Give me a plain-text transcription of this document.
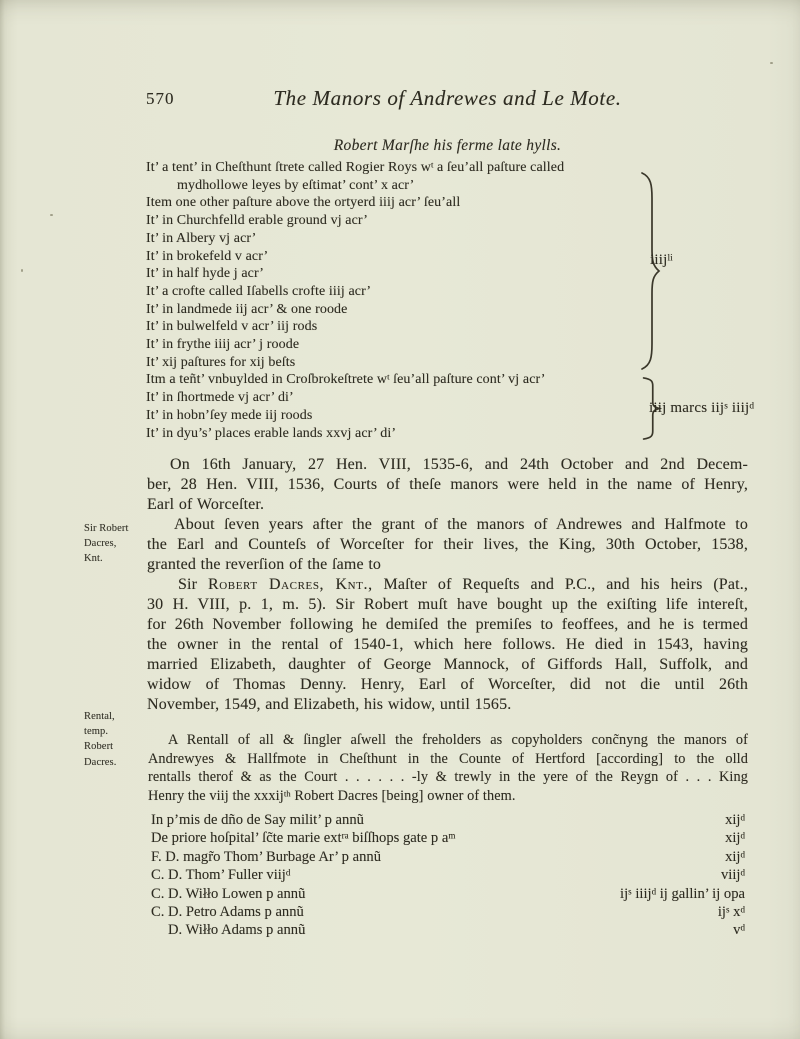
570	The Manors of Andrewes and Le Mote.
Robert Marſhe his ferme late hylls.
It’ a tent’ in Cheſthunt ſtrete called Rogier Roys $w^t$ a ſeu’all paſture called
mydhollowe leyes by eſtimat’ cont’ x acr’
Item one other paſture above the ortyerd iiij acr’ ſeu’all
It’ in Churchfelld erable ground vj acr’
It’ in Albery vj acr’
It’ in brokefeld v acr’
It’ in half hyde j acr’
It’ a crofte called Iſabells crofte iiij acr’
It’ in landmede iij acr’ & one roode
It’ in bulwelfeld v acr’ iij rods
It’ in frythe iiij acr’ j roode
It’ xij paſtures for xij beſts
Itm a teñt’ vnbuylded in Croſbrokeſtrete $w^t$ ſeu’all paſture cont’ vj acr’
It’ in ſhortmede vj acr’ di’
It’ in hobn’ſey mede iij roods
It’ in dyu’s’ places erable lands xxvj acr’ di’
iiij$^{li}$
iiij marcs iij$^s$ iiij$^d$
Sir Robert
Dacres,
Knt.
Rental,
temp.
Robert
Dacres.
On 16th January, 27 Hen. VIII, 1535-6, and 24th October and 2nd Decem-
ber, 28 Hen. VIII, 1536, Courts of theſe manors were held in the name of Henry,
Earl of Worceſter.
About ſeven years after the grant of the manors of Andrewes and Halfmote to
the Earl and Counteſs of Worceſter for their lives, the King, 30th October, 1538,
granted the reverſion of the ſame to
Sir Robert Dacres, Knt., Maſter of Requeſts and P.C., and his heirs (Pat.,
30 H. VIII, p. 1, m. 5). Sir Robert muſt have bought up the exiſting life intereſt,
for 26th November following he demiſed the premiſes to feoffees, and he is termed
the owner in the rental of 1540-1, which here follows. He died in 1543, having
married Elizabeth, daughter of George Mannock, of Giffords Hall, Suffolk, and
widow of Thomas Denny. Henry, Earl of Worceſter, did not die until 26th
November, 1549, and Elizabeth, his widow, until 1565.
A Rentall of all & ſingler aſwell the freholders as copyholders conc̃nyng the manors of
Andrewyes & Hallfmote in Cheſthunt in the Counte of Hertford [according] to the olld
rentalls therof & as the Court . . . . . . -ly & trewly in the yere of the Reygn of . . . King
Henry the viij the xxxij$^{th}$ Robert Dacres [being] owner of them.
In p’mis de dño de Say milit’ p annũ	xij$^d$
De priore hoſpital’ ſc̃te marie ext$^{ra}$ biſſhops gate p $a^m$	xij$^d$
F. D. magr̃o Thom’ Burbage Ar’ p annũ	xij$^d$
C. D. Thom’ Fuller viij$^d$	viij$^d$
C. D. Wiłło Lowen p annũ	$ij^s$ iiij$^d$ ij gallin’ ij opa
C. D. Petro Adams p annũ	$ij^s$ $x^d$
D. Wiłło Adams p annũ	$v^d$
